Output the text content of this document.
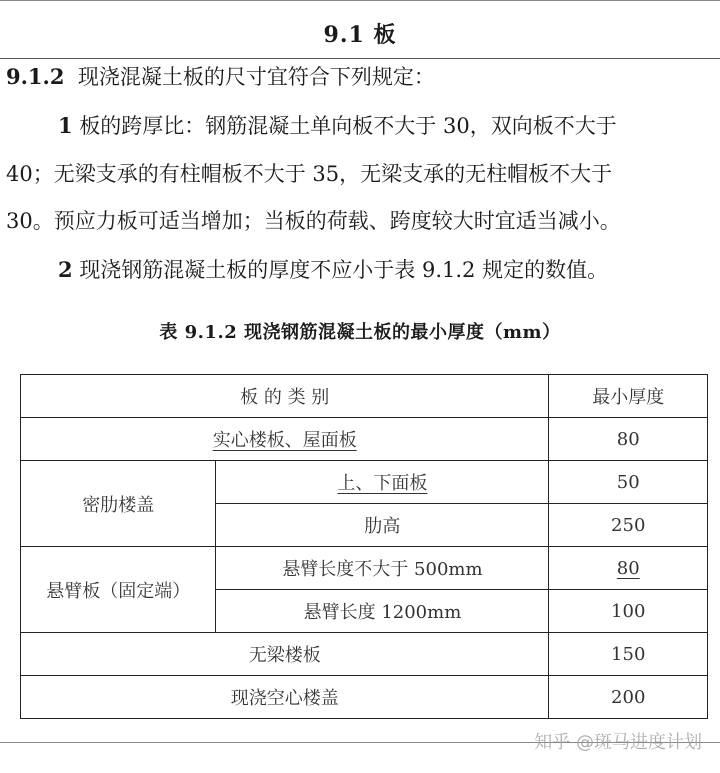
9.1 板
9.1.2 现浇混凝土板的尺寸宜符合下列规定：
1 板的跨厚比：钢筋混凝土单向板不大于 30，双向板不大于
40；无梁支承的有柱帽板不大于 35，无梁支承的无柱帽板不大于
30。预应力板可适当增加；当板的荷载、跨度较大时宜适当减小。
2 现浇钢筋混凝土板的厚度不应小于表 9.1.2 规定的数值。
表 9.1.2 现浇钢筋混凝土板的最小厚度（mm）
板 的 类 别		最小厚度
实心楼板、屋面板		80
密肋楼盖	上、下面板	50
	肋高	250
悬臂板（固定端）	悬臂长度不大于 500mm	80
	悬臂长度 1200mm	100
无梁楼板		150
现浇空心楼盖		200
知乎 @斑马进度计划
